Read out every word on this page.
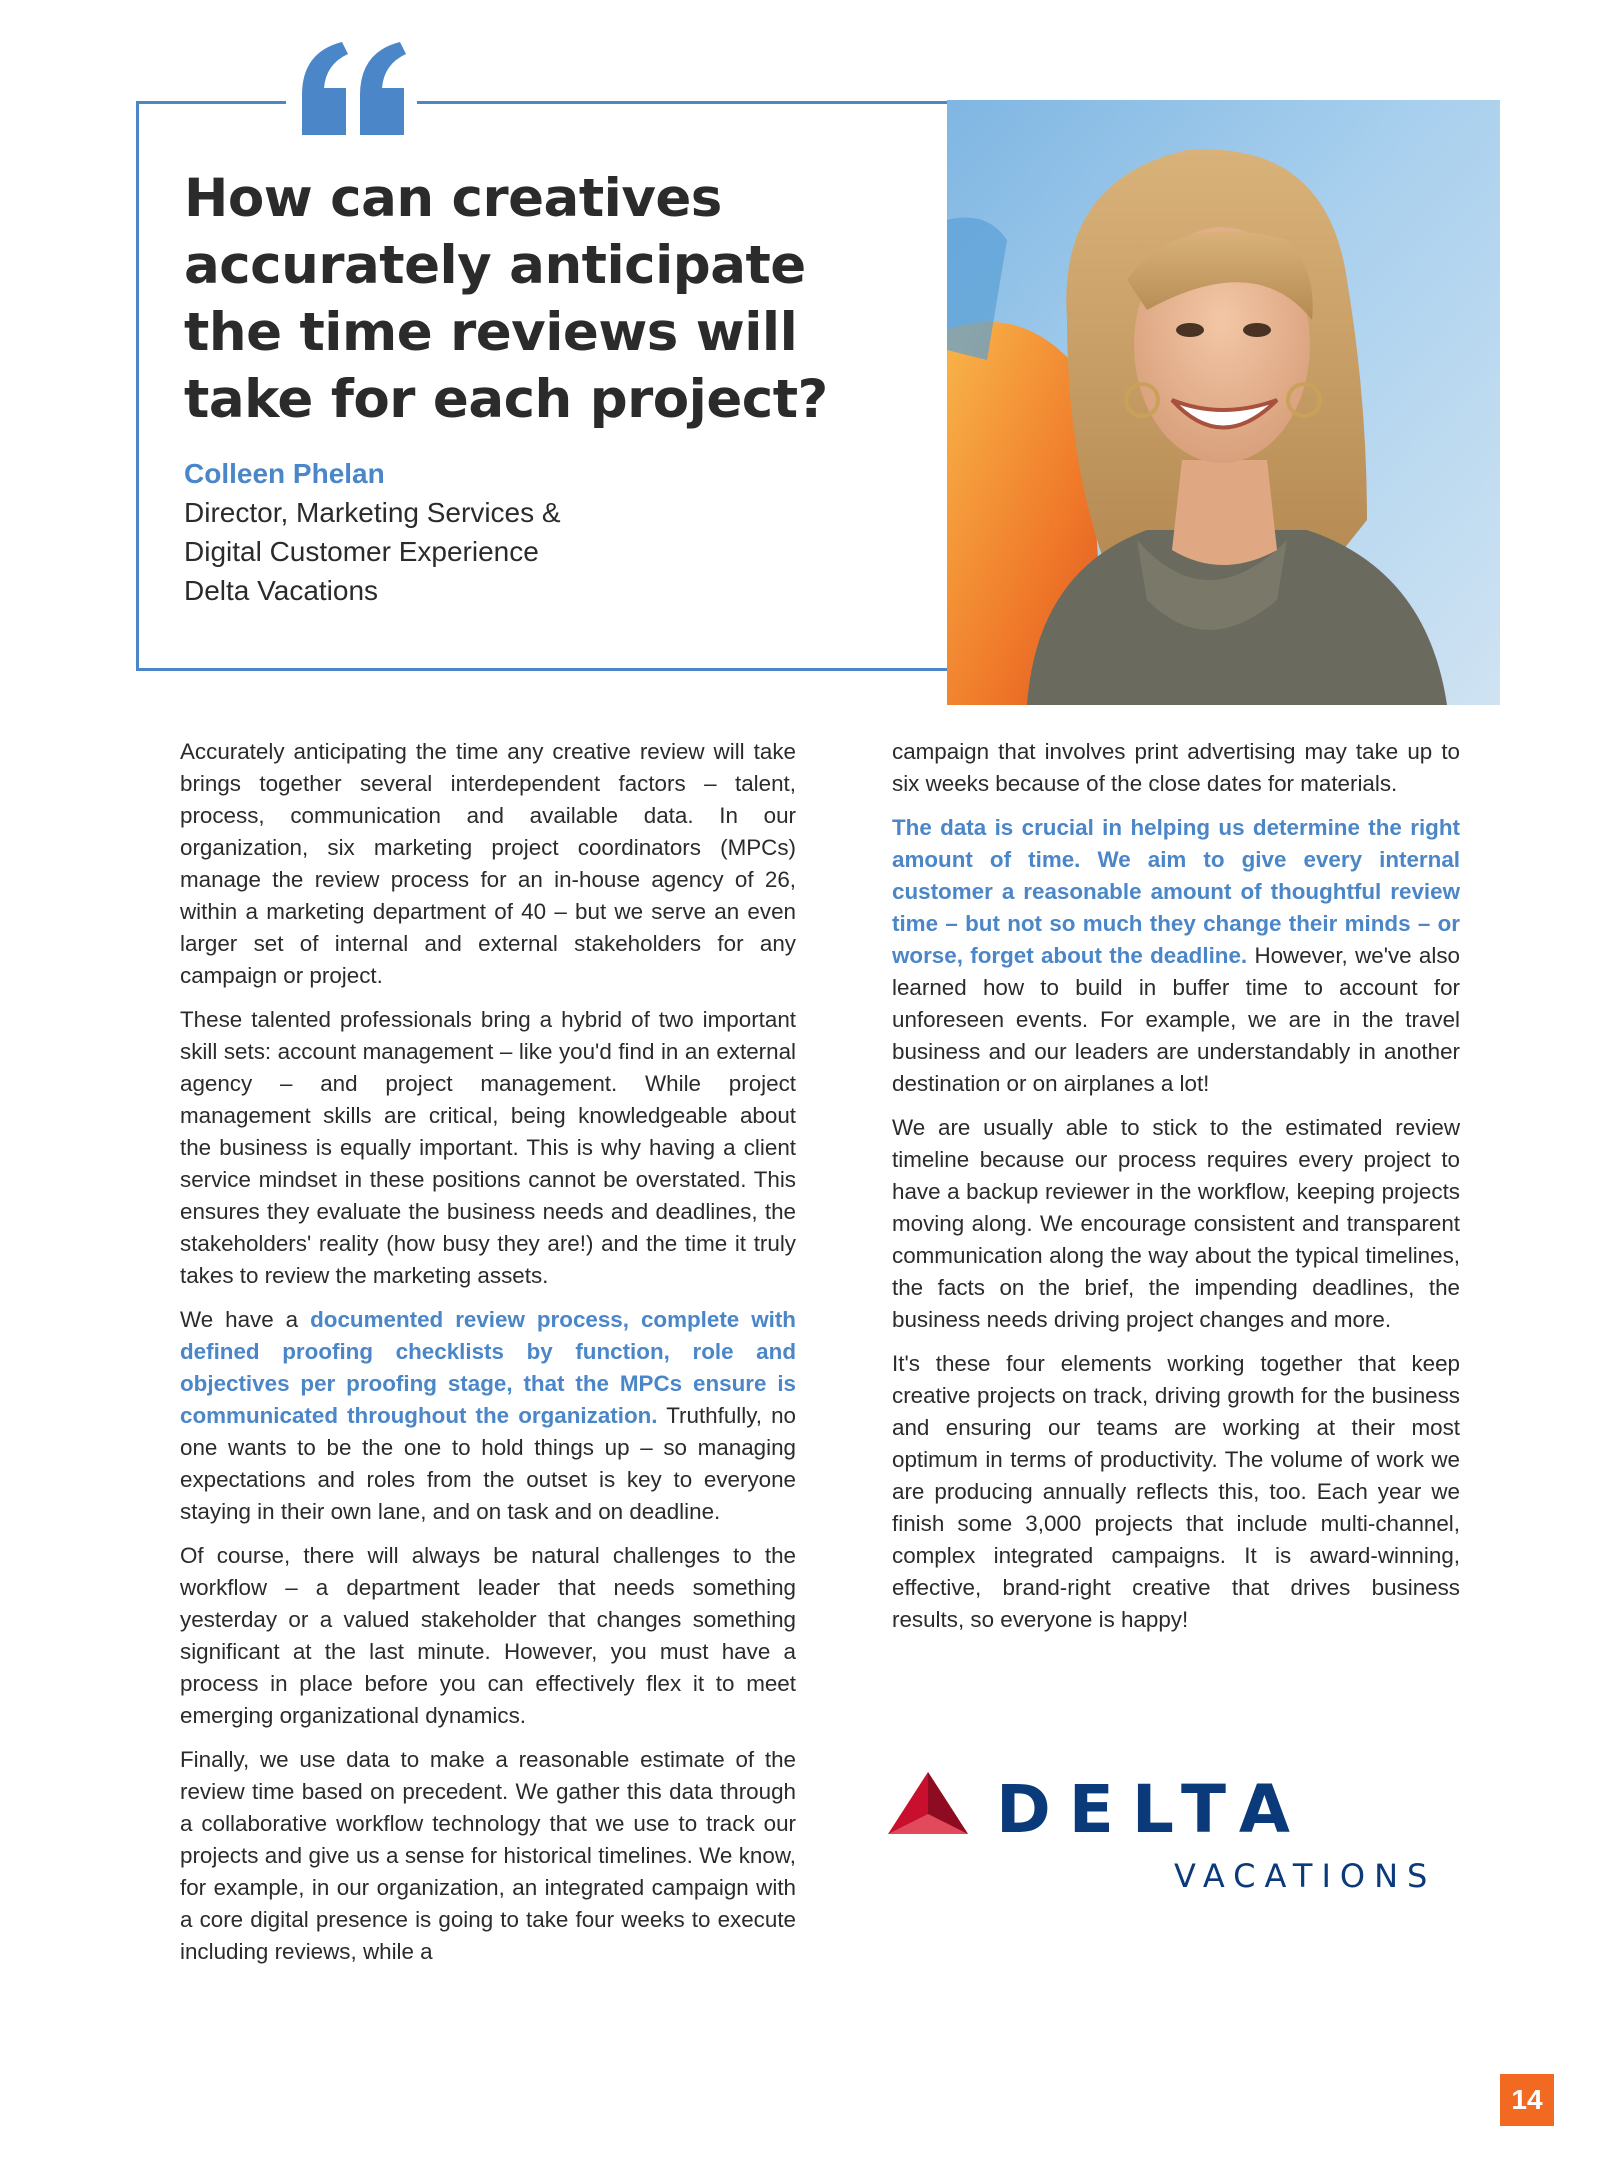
How can creatives accurately anticipate the time reviews will take for each project?

Colleen Phelan

Director, Marketing Services &

Digital Customer Experience

Delta Vacations

Accurately anticipating the time any creative review will take brings together several interdependent factors – talent, process, communication and available data. In our organization, six marketing project coordinators (MPCs) manage the review process for an in-house agency of 26, within a marketing department of 40 – but we serve an even larger set of internal and external stakeholders for any campaign or project.

These talented professionals bring a hybrid of two important skill sets: account management – like you'd find in an external agency – and project management. While project management skills are critical, being knowledgeable about the business is equally important. This is why having a client service mindset in these positions cannot be overstated. This ensures they evaluate the business needs and deadlines, the stakeholders' reality (how busy they are!) and the time it truly takes to review the marketing assets.

We have a documented review process, complete with defined proofing checklists by function, role and objectives per proofing stage, that the MPCs ensure is communicated throughout the organization. Truthfully, no one wants to be the one to hold things up – so managing expectations and roles from the outset is key to everyone staying in their own lane, and on task and on deadline.

Of course, there will always be natural challenges to the workflow – a department leader that needs something yesterday or a valued stakeholder that changes something significant at the last minute. However, you must have a process in place before you can effectively flex it to meet emerging organizational dynamics.

Finally, we use data to make a reasonable estimate of the review time based on precedent. We gather this data through a collaborative workflow technology that we use to track our projects and give us a sense for historical timelines. We know, for example, in our organization, an integrated campaign with a core digital presence is going to take four weeks to execute including reviews, while a

campaign that involves print advertising may take up to six weeks because of the close dates for materials.

The data is crucial in helping us determine the right amount of time. We aim to give every internal customer a reasonable amount of thoughtful review time – but not so much they change their minds – or worse, forget about the deadline. However, we've also learned how to build in buffer time to account for unforeseen events. For example, we are in the travel business and our leaders are understandably in another destination or on airplanes a lot!

We are usually able to stick to the estimated review timeline because our process requires every project to have a backup reviewer in the workflow, keeping projects moving along. We encourage consistent and transparent communication along the way about the typical timelines, the facts on the brief, the impending deadlines, the business needs driving project changes and more.

It's these four elements working together that keep creative projects on track, driving growth for the business and ensuring our teams are working at their most optimum in terms of productivity. The volume of work we are producing annually reflects this, too. Each year we finish some 3,000 projects that include multi-channel, complex integrated campaigns. It is award-winning, effective, brand-right creative that drives business results, so everyone is happy!

DELTA
VACATIONS
14
